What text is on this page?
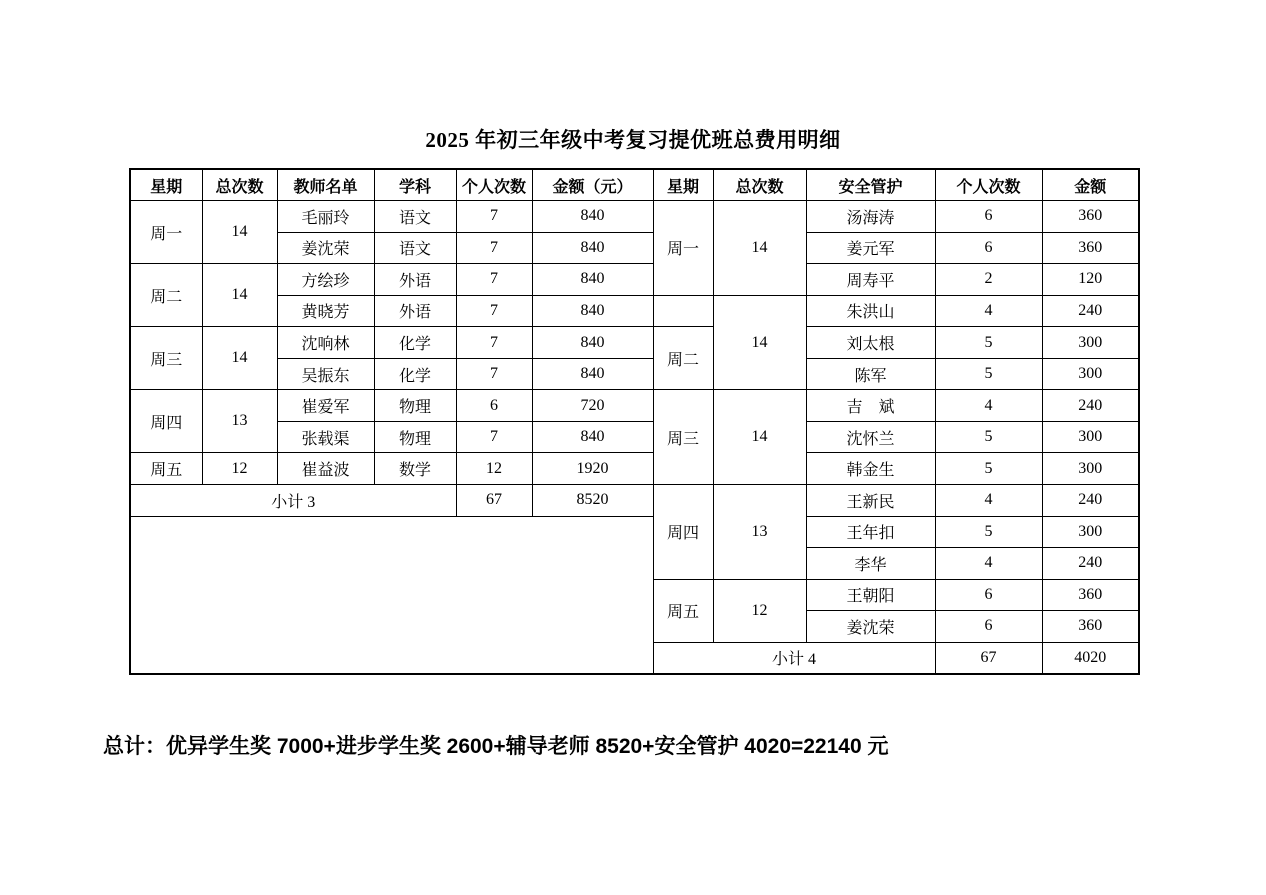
2025 年初三年级中考复习提优班总费用明细
星期	总次数	教师名单	学科	个人次数	金额（元）	星期	总次数	安全管护	个人次数	金额
周一	14	毛丽玲	语文	7	840	周一	14	汤海涛	6	360
		姜沈荣	语文	7	840			姜元军	6	360
周二	14	方绘珍	外语	7	840			周寿平	2	120
		黄晓芳	外语	7	840		14	朱洪山	4	240
周三	14	沈响林	化学	7	840	周二		刘太根	5	300
		吴振东	化学	7	840			陈军	5	300
周四	13	崔爱军	物理	6	720	周三	14	吉　斌	4	240
		张载渠	物理	7	840			沈怀兰	5	300
周五	12	崔益波	数学	12	1920			韩金生	5	300
小计 3				67	8520	周四	13	王新民	4	240
								王年扣	5	300
								李华	4	240
						周五	12	王朝阳	6	360
								姜沈荣	6	360
						小计 4			67	4020
总计：优异学生奖 7000+进步学生奖 2600+辅导老师 8520+安全管护 4020=22140 元
